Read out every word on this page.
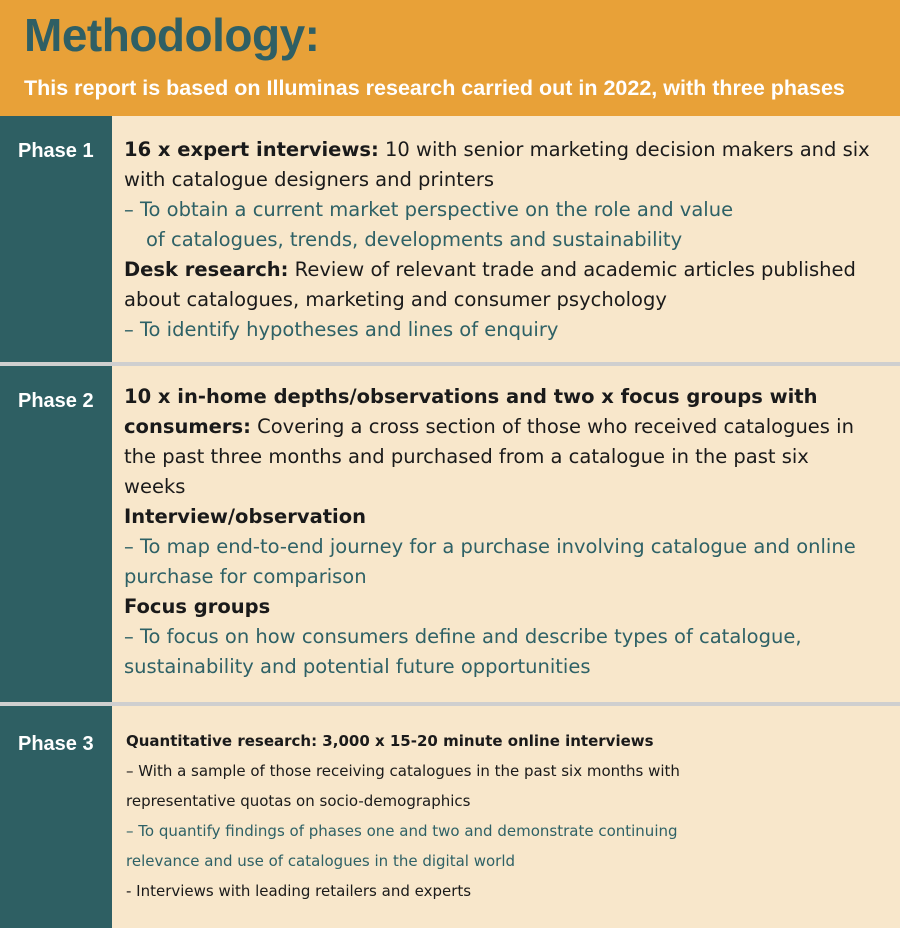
Methodology:
This report is based on Illuminas research carried out in 2022, with three phases
Phase 1 16 x expert interviews: 10 with senior marketing decision makers and six
with catalogue designers and printers
– To obtain a current market perspective on the role and value
of catalogues, trends, developments and sustainability
Desk research: Review of relevant trade and academic articles published
about catalogues, marketing and consumer psychology
– To identify hypotheses and lines of enquiry
Phase 2 10 x in-home depths/observations and two x focus groups with
consumers: Covering a cross section of those who received catalogues in
the past three months and purchased from a catalogue in the past six
weeks
Interview/observation
– To map end-to-end journey for a purchase involving catalogue and online
purchase for comparison
Focus groups
– To focus on how consumers define and describe types of catalogue,
sustainability and potential future opportunities
Phase 3 Quantitative research: 3,000 x 15-20 minute online interviews
– With a sample of those receiving catalogues in the past six months with
representative quotas on socio-demographics
– To quantify findings of phases one and two and demonstrate continuing
relevance and use of catalogues in the digital world
- Interviews with leading retailers and experts
